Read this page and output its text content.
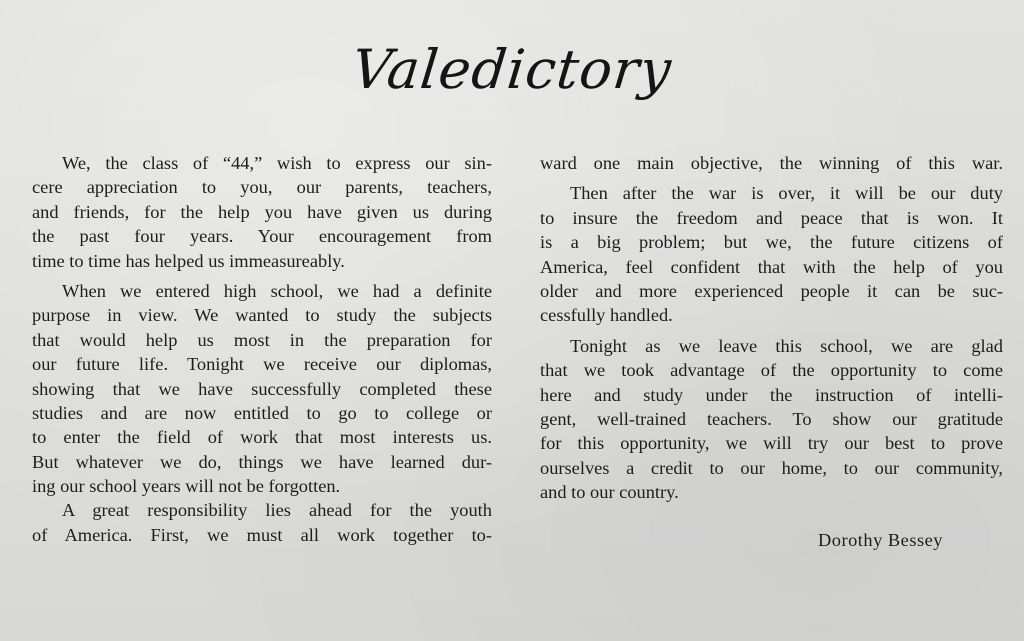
Valedictory
We, the class of “44,” wish to express our sin-
cere appreciation to you, our parents, teachers,
and friends, for the help you have given us during
the past four years. Your encouragement from
time to time has helped us immeasureably.
When we entered high school, we had a definite
purpose in view. We wanted to study the subjects
that would help us most in the preparation for
our future life. Tonight we receive our diplomas,
showing that we have successfully completed these
studies and are now entitled to go to college or
to enter the field of work that most interests us.
But whatever we do, things we have learned dur-
ing our school years will not be forgotten.
A great responsibility lies ahead for the youth
of America. First, we must all work together to-
ward one main objective, the winning of this war.
Then after the war is over, it will be our duty
to insure the freedom and peace that is won. It
is a big problem; but we, the future citizens of
America, feel confident that with the help of you
older and more experienced people it can be suc-
cessfully handled.
Tonight as we leave this school, we are glad
that we took advantage of the opportunity to come
here and study under the instruction of intelli-
gent, well-trained teachers. To show our gratitude
for this opportunity, we will try our best to prove
ourselves a credit to our home, to our community,
and to our country.
Dorothy Bessey
